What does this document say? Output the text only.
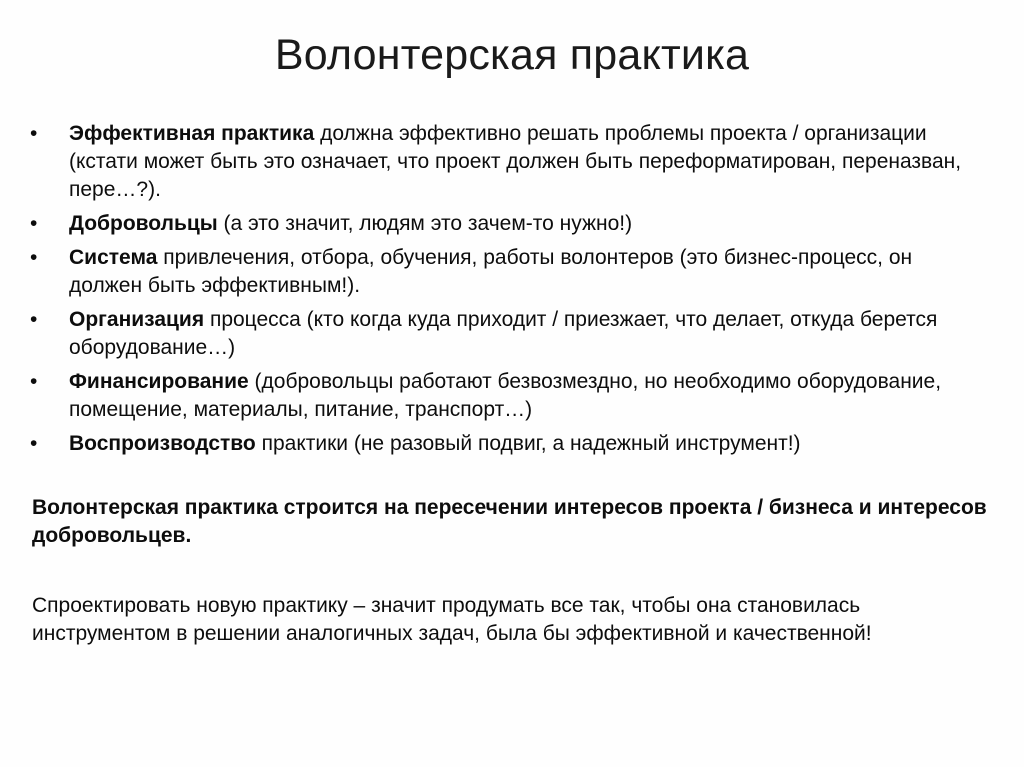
Волонтерская практика
• Эффективная практика должна эффективно решать проблемы проекта / организации (кстати может быть это означает, что проект должен быть переформатирован, переназван, пере…?).
• Добровольцы (а это значит, людям это зачем-то нужно!)
• Система привлечения, отбора, обучения, работы волонтеров (это бизнес-процесс, он должен быть эффективным!).
• Организация процесса (кто когда куда приходит / приезжает, что делает, откуда берется оборудование…)
• Финансирование (добровольцы работают безвозмездно, но необходимо оборудование, помещение, материалы, питание, транспорт…)
• Воспроизводство практики (не разовый подвиг, а надежный инструмент!)

Волонтерская практика строится на пересечении интересов проекта / бизнеса и интересов добровольцев.

Спроектировать новую практику – значит продумать все так, чтобы она становилась инструментом в решении аналогичных задач, была бы эффективной и качественной!
